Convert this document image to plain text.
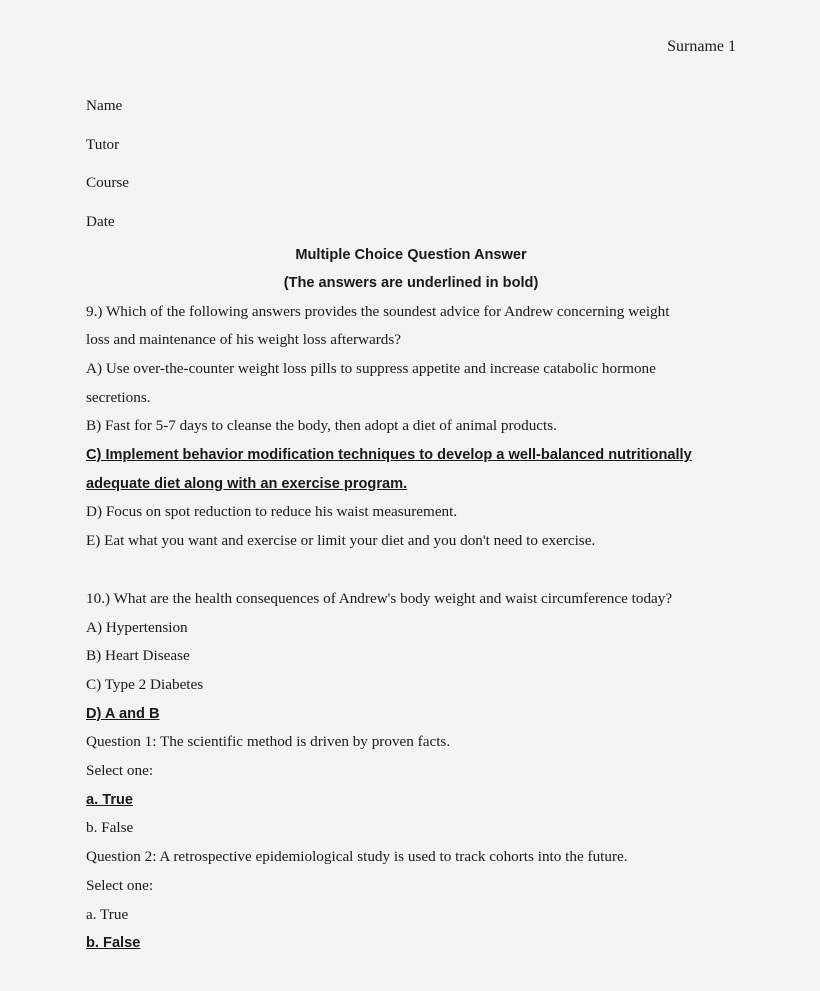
Surname 1
Name
Tutor
Course
Date
Multiple Choice Question Answer
(The answers are underlined in bold)
9.) Which of the following answers provides the soundest advice for Andrew concerning weight
loss and maintenance of his weight loss afterwards?
A) Use over-the-counter weight loss pills to suppress appetite and increase catabolic hormone
secretions.
B) Fast for 5-7 days to cleanse the body, then adopt a diet of animal products.
C) Implement behavior modification techniques to develop a well-balanced nutritionally
adequate diet along with an exercise program.
D) Focus on spot reduction to reduce his waist measurement.
E) Eat what you want and exercise or limit your diet and you don't need to exercise.
10.) What are the health consequences of Andrew's body weight and waist circumference today?
A) Hypertension
B) Heart Disease
C) Type 2 Diabetes
D) A and B
Question 1: The scientific method is driven by proven facts.
Select one:
a. True
b. False
Question 2: A retrospective epidemiological study is used to track cohorts into the future.
Select one:
a. True
b. False
